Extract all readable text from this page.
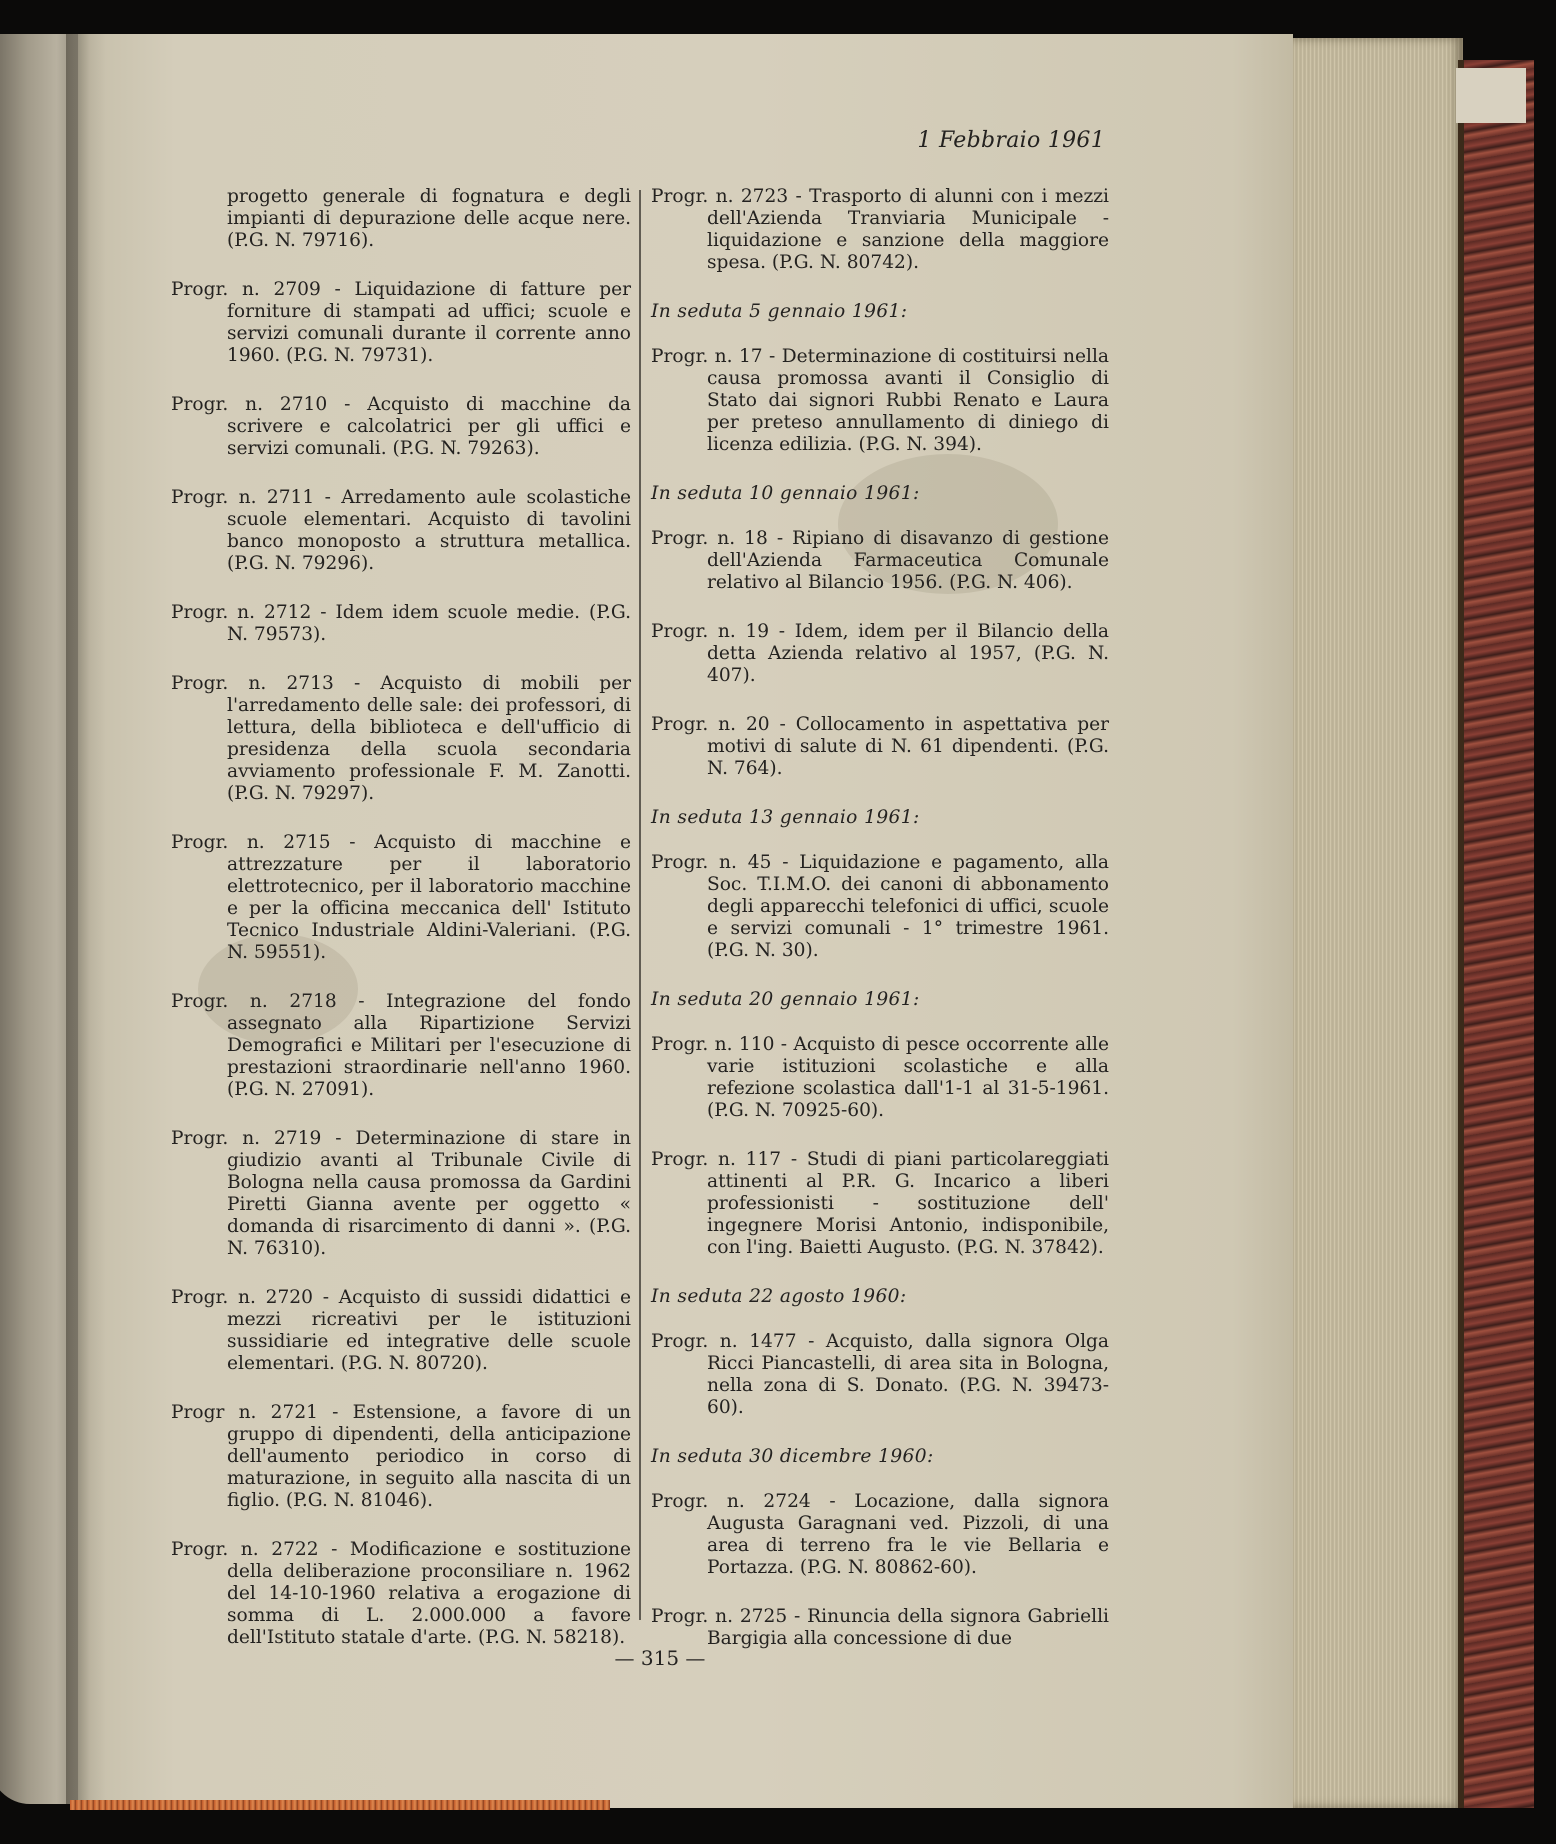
1 Febbraio 1961
progetto generale di fognatura e degli impianti di depurazione delle acque nere. (P.G. N. 79716).
Progr. n. 2709 - Liquidazione di fatture per forniture di stampati ad uffici; scuole e servizi comunali durante il corrente anno 1960. (P.G. N. 79731).
Progr. n. 2710 - Acquisto di macchine da scrivere e calcolatrici per gli uffici e servizi comunali. (P.G. N. 79263).
Progr. n. 2711 - Arredamento aule scolastiche scuole elementari. Acquisto di tavolini banco monoposto a struttura metallica. (P.G. N. 79296).
Progr. n. 2712 - Idem idem scuole medie. (P.G. N. 79573).
Progr. n. 2713 - Acquisto di mobili per l'arredamento delle sale: dei professori, di lettura, della biblioteca e dell'ufficio di presidenza della scuola secondaria avviamento professionale F. M. Zanotti. (P.G. N. 79297).
Progr. n. 2715 - Acquisto di macchine e attrezzature per il laboratorio elettrotecnico, per il laboratorio macchine e per la officina meccanica dell' Istituto Tecnico Industriale Aldini-Valeriani. (P.G. N. 59551).
Progr. n. 2718 - Integrazione del fondo assegnato alla Ripartizione Servizi Demografici e Militari per l'esecuzione di prestazioni straordinarie nell'anno 1960. (P.G. N. 27091).
Progr. n. 2719 - Determinazione di stare in giudizio avanti al Tribunale Civile di Bologna nella causa promossa da Gardini Piretti Gianna avente per oggetto « domanda di risarcimento di danni ». (P.G. N. 76310).
Progr. n. 2720 - Acquisto di sussidi didattici e mezzi ricreativi per le istituzioni sussidiarie ed integrative delle scuole elementari. (P.G. N. 80720).
Progr n. 2721 - Estensione, a favore di un gruppo di dipendenti, della anticipazione dell'aumento periodico in corso di maturazione, in seguito alla nascita di un figlio. (P.G. N. 81046).
Progr. n. 2722 - Modificazione e sostituzione della deliberazione proconsiliare n. 1962 del 14-10-1960 relativa a erogazione di somma di L. 2.000.000 a favore dell'Istituto statale d'arte. (P.G. N. 58218).
Progr. n. 2723 - Trasporto di alunni con i mezzi dell'Azienda Tranviaria Municipale - liquidazione e sanzione della maggiore spesa. (P.G. N. 80742).
In seduta 5 gennaio 1961:
Progr. n. 17 - Determinazione di costituirsi nella causa promossa avanti il Consiglio di Stato dai signori Rubbi Renato e Laura per preteso annullamento di diniego di licenza edilizia. (P.G. N. 394).
In seduta 10 gennaio 1961:
Progr. n. 18 - Ripiano di disavanzo di gestione dell'Azienda Farmaceutica Comunale relativo al Bilancio 1956. (P.G. N. 406).
Progr. n. 19 - Idem, idem per il Bilancio della detta Azienda relativo al 1957, (P.G. N. 407).
Progr. n. 20 - Collocamento in aspettativa per motivi di salute di N. 61 dipendenti. (P.G. N. 764).
In seduta 13 gennaio 1961:
Progr. n. 45 - Liquidazione e pagamento, alla Soc. T.I.M.O. dei canoni di abbonamento degli apparecchi telefonici di uffici, scuole e servizi comunali - 1° trimestre 1961. (P.G. N. 30).
In seduta 20 gennaio 1961:
Progr. n. 110 - Acquisto di pesce occorrente alle varie istituzioni scolastiche e alla refezione scolastica dall'1-1 al 31-5-1961. (P.G. N. 70925-60).
Progr. n. 117 - Studi di piani particolareggiati attinenti al P.R. G. Incarico a liberi professionisti - sostituzione dell' ingegnere Morisi Antonio, indisponibile, con l'ing. Baietti Augusto. (P.G. N. 37842).
In seduta 22 agosto 1960:
Progr. n. 1477 - Acquisto, dalla signora Olga Ricci Piancastelli, di area sita in Bologna, nella zona di S. Donato. (P.G. N. 39473-60).
In seduta 30 dicembre 1960:
Progr. n. 2724 - Locazione, dalla signora Augusta Garagnani ved. Pizzoli, di una area di terreno fra le vie Bellaria e Portazza. (P.G. N. 80862-60).
Progr. n. 2725 - Rinuncia della signora Gabrielli Bargigia alla concessione di due
— 315 —
